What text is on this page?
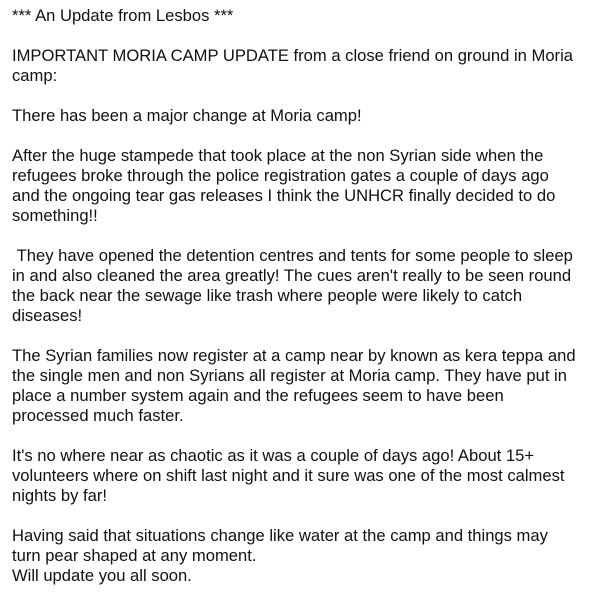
*** An Update from Lesbos ***

IMPORTANT MORIA CAMP UPDATE from a close friend on ground in Moria camp:

There has been a major change at Moria camp!

After the huge stampede that took place at the non Syrian side when the refugees broke through the police registration gates a couple of days ago and the ongoing tear gas releases I think the UNHCR finally decided to do something!!

They have opened the detention centres and tents for some people to sleep in and also cleaned the area greatly! The cues aren't really to be seen round the back near the sewage like trash where people were likely to catch diseases!

The Syrian families now register at a camp near by known as kera teppa and the single men and non Syrians all register at Moria camp. They have put in place a number system again and the refugees seem to have been processed much faster.

It's no where near as chaotic as it was a couple of days ago! About 15+ volunteers where on shift last night and it sure was one of the most calmest nights by far!

Having said that situations change like water at the camp and things may turn pear shaped at any moment.

Will update you all soon.
